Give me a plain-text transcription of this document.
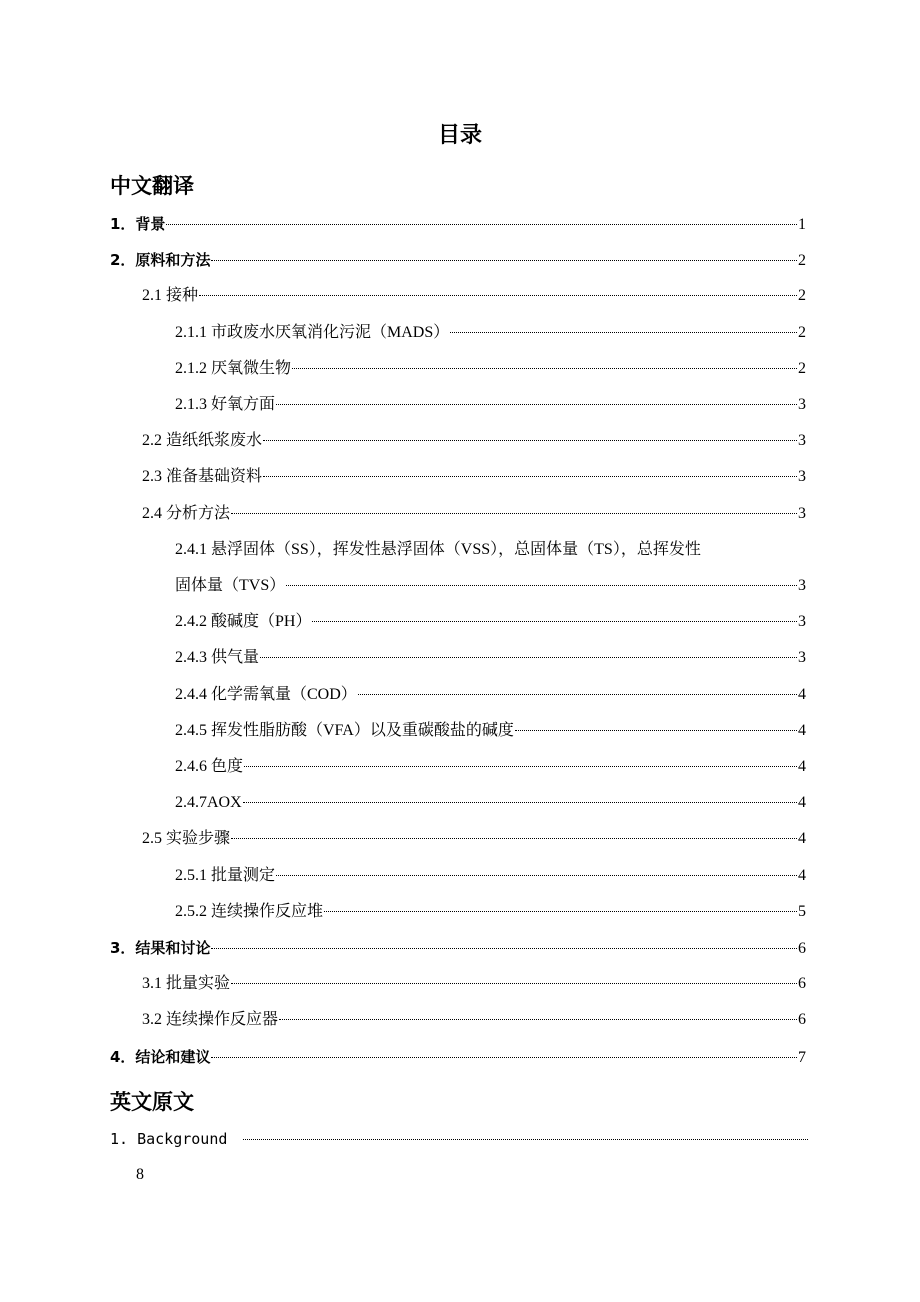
目录
中文翻译
1．背景	1
2．原料和方法	2
2.1 接种	2
2.1.1 市政废水厌氧消化污泥（MADS）	2
2.1.2 厌氧微生物	2
2.1.3 好氧方面	3
2.2 造纸纸浆废水	3
2.3 准备基础资料	3
2.4 分析方法	3
2.4.1 悬浮固体（SS），挥发性悬浮固体（VSS），总固体量（TS），总挥发性
固体量（TVS）	3
2.4.2 酸碱度（PH）	3
2.4.3 供气量	3
2.4.4 化学需氧量（COD）	4
2.4.5 挥发性脂肪酸（VFA）以及重碳酸盐的碱度	4
2.4.6 色度	4
2.4.7AOX	4
2.5 实验步骤	4
2.5.1 批量测定	4
2.5.2 连续操作反应堆	5
3．结果和讨论	6
3.1 批量实验	6
3.2 连续操作反应器	6
4．结论和建议	7
英文原文
1. Background
8
